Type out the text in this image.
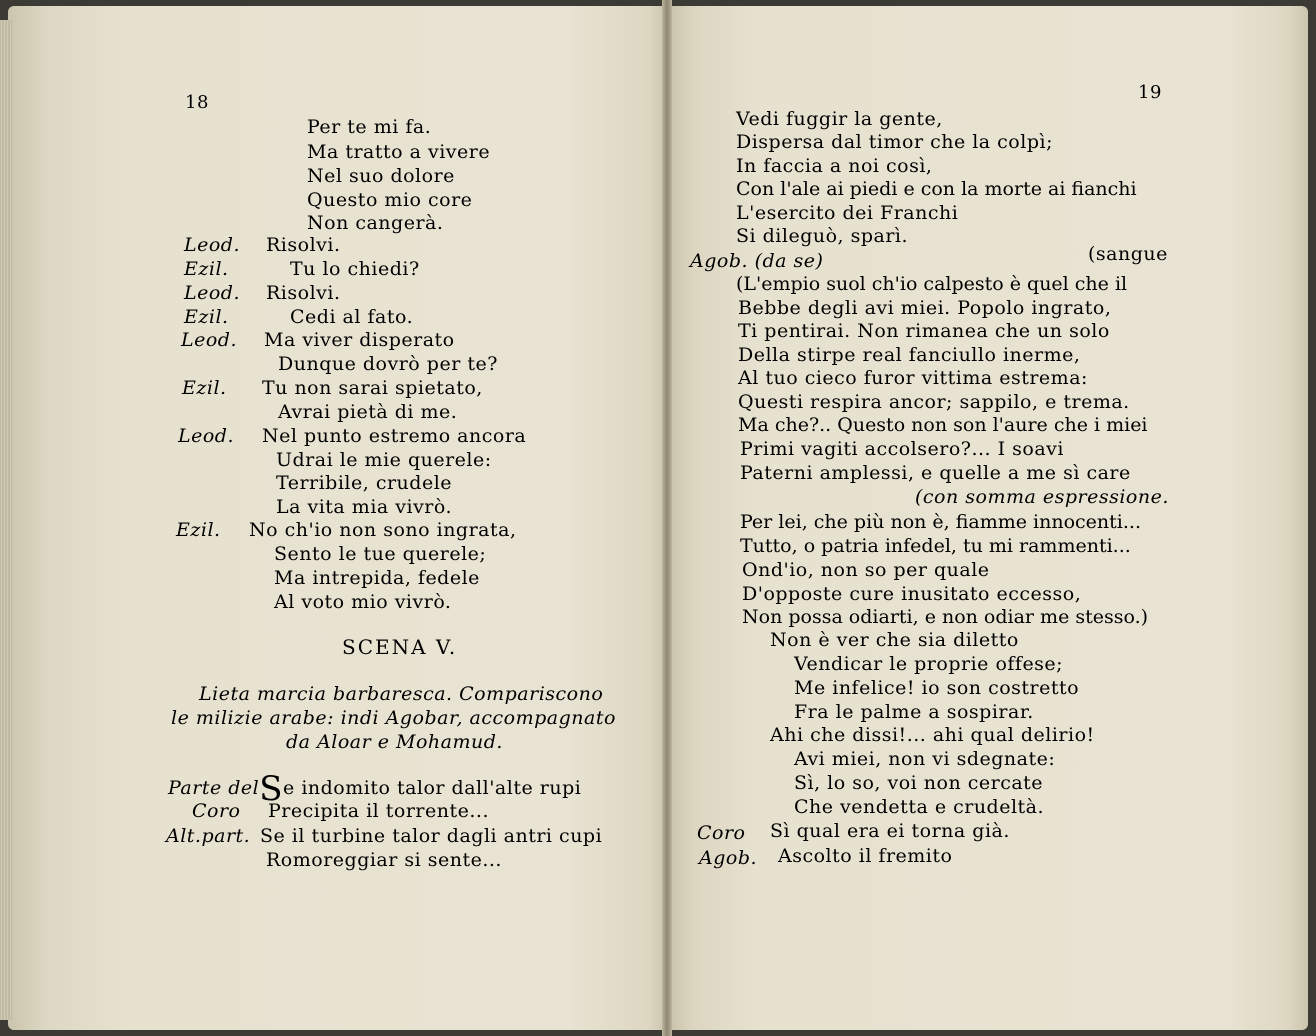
18
Per te mi fa.
Ma tratto a vivere
Nel suo dolore
Questo mio core
Non cangerà.
Leod. Risolvi.
Ezil.	Tu lo chiedi?
Leod. Risolvi.
Ezil.	Cedi al fato.
Leod. Ma viver disperato
Dunque dovrò per te?
Ezil. Tu non sarai spietato,
Avrai pietà di me.
Leod. Nel punto estremo ancora
Udrai le mie querele:
Terribile, crudele
La vita mia vivrò.
Ezil. No ch'io non sono ingrata,
Sento le tue querele;
Ma intrepida, fedele
Al voto mio vivrò.
SCENA V.
Lieta marcia barbaresca. Compariscono
le milizie arabe: indi Agobar, accompagnato
da Aloar e Mohamud.
Parte delSe indomito talor dall'alte rupi
Coro Precipita il torrente...
Alt.part. Se il turbine talor dagli antri cupi
Romoreggiar si sente...
19
Vedi fuggir la gente,
Dispersa dal timor che la colpì;
In faccia a noi così,
Con l'ale ai piedi e con la morte ai fianchi
L'esercito dei Franchi
Si dileguò, sparì.
Agob. (da se)	(sangue
(L'empio suol ch'io calpesto è quel che il
Bebbe degli avi miei. Popolo ingrato,
Ti pentirai. Non rimanea che un solo
Della stirpe real fanciullo inerme,
Al tuo cieco furor vittima estrema:
Questi respira ancor; sappilo, e trema.
Ma che?.. Questo non son l'aure che i miei
Primi vagiti accolsero?... I soavi
Paterni amplessi, e quelle a me sì care
(con somma espressione.
Per lei, che più non è, fiamme innocenti...
Tutto, o patria infedel, tu mi rammenti...
Ond'io, non so per quale
D'opposte cure inusitato eccesso,
Non possa odiarti, e non odiar me stesso.)
Non è ver che sia diletto
Vendicar le proprie offese;
Me infelice! io son costretto
Fra le palme a sospirar.
Ahi che dissi!... ahi qual delirio!
Avi miei, non vi sdegnate:
Sì, lo so, voi non cercate
Che vendetta e crudeltà.
Coro Sì qual era ei torna già.
Agob. Ascolto il fremito
